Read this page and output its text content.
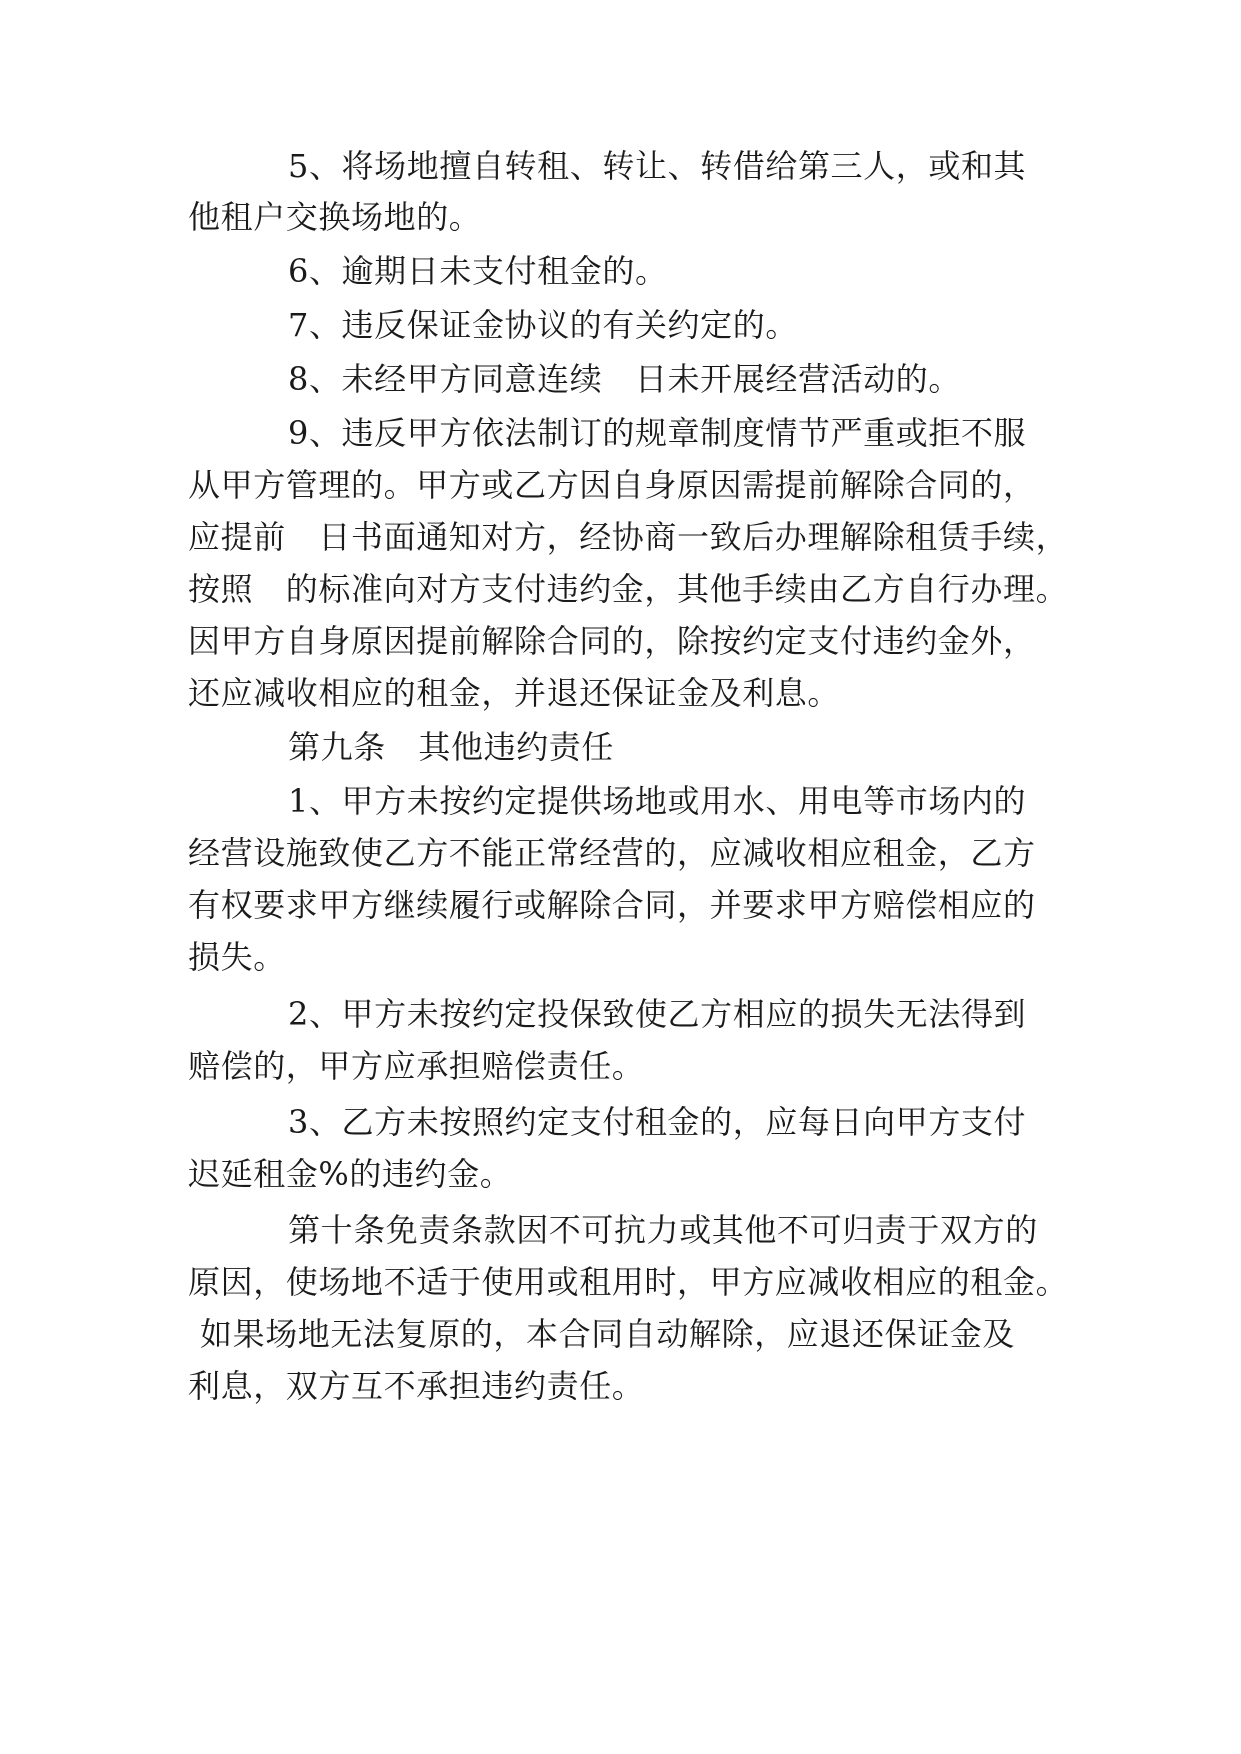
5、将场地擅自转租、转让、转借给第三人，或和其

他租户交换场地的。

6、逾期日未支付租金的。

7、违反保证金协议的有关约定的。

8、未经甲方同意连续　日未开展经营活动的。

9、违反甲方依法制订的规章制度情节严重或拒不服

从甲方管理的。甲方或乙方因自身原因需提前解除合同的，

应提前　日书面通知对方，经协商一致后办理解除租赁手续，

按照　的标准向对方支付违约金，其他手续由乙方自行办理。

因甲方自身原因提前解除合同的，除按约定支付违约金外，

还应减收相应的租金，并退还保证金及利息。

第九条　其他违约责任

1、甲方未按约定提供场地或用水、用电等市场内的

经营设施致使乙方不能正常经营的，应减收相应租金，乙方

有权要求甲方继续履行或解除合同，并要求甲方赔偿相应的

损失。

2、甲方未按约定投保致使乙方相应的损失无法得到

赔偿的，甲方应承担赔偿责任。

3、乙方未按照约定支付租金的，应每日向甲方支付

迟延租金%的违约金。

第十条免责条款因不可抗力或其他不可归责于双方的

原因，使场地不适于使用或租用时，甲方应减收相应的租金。

如果场地无法复原的，本合同自动解除，应退还保证金及

利息，双方互不承担违约责任。
